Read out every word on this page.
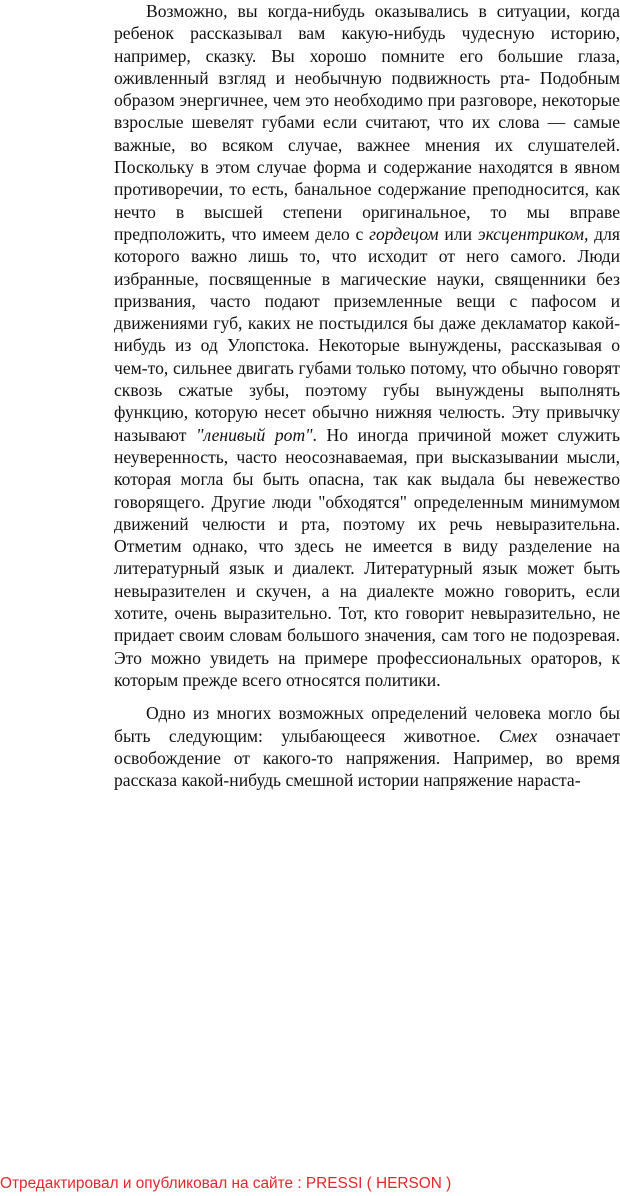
Возможно, вы когда-нибудь оказывались в ситуации, когда ребенок рассказывал вам какую-нибудь чудесную историю, например, сказку. Вы хорошо помните его большие глаза, оживленный взгляд и необычную подвижность рта- Подобным образом энергичнее, чем это необходимо при разговоре, некоторые взрослые шевелят губами если считают, что их слова — самые важные, во всяком случае, важнее мнения их слушателей. Поскольку в этом случае форма и содержание находятся в явном противоречии, то есть, банальное содержание преподносится, как нечто в высшей степени оригинальное, то мы вправе предположить, что имеем дело с гордецом или эксцентриком, для которого важно лишь то, что исходит от него самого. Люди избранные, посвященные в магические науки, священники без призвания, часто подают приземленные вещи с пафосом и движениями губ, каких не постыдился бы даже декламатор какой-нибудь из од Улопстока. Некоторые вынуждены, рассказывая о чем-то, сильнее двигать губами только потому, что обычно говорят сквозь сжатые зубы, поэтому губы вынуждены выполнять функцию, которую несет обычно нижняя челюсть. Эту привычку называют "ленивый рот". Но иногда причиной может служить неуверенность, часто неосознаваемая, при высказывании мысли, которая могла бы быть опасна, так как выдала бы невежество говорящего. Другие люди "обходятся" определенным минимумом движений челюсти и рта, поэтому их речь невыразительна. Отметим однако, что здесь не имеется в виду разделение на литературный язык и диалект. Литературный язык может быть невыразителен и скучен, а на диалекте можно говорить, если хотите, очень выразительно. Тот, кто говорит невыразительно, не придает своим словам большого значения, сам того не подозревая. Это можно увидеть на примере профессиональных ораторов, к которым прежде всего относятся политики.

Одно из многих возможных определений человека могло бы быть следующим: улыбающееся животное. Смех означает освобождение от какого-то напряжения. Например, во время рассказа какой-нибудь смешной истории напряжение нараста-

Отредактировал и опубликовал на сайте : PRESSI ( HERSON )
